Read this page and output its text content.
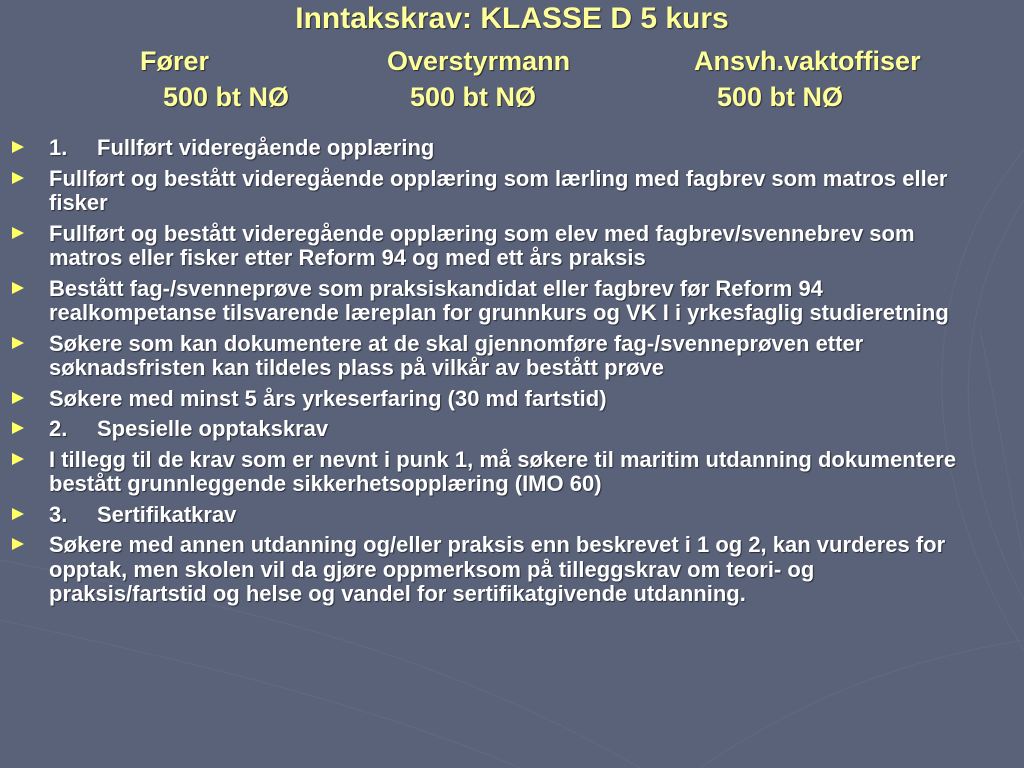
Inntakskrav: KLASSE D 5 kurs
Fører	Overstyrmann	Ansvh.vaktoffiser
500 bt NØ	500 bt NØ	500 bt NØ
1. Fullført videregående opplæring
Fullført og bestått videregående opplæring som lærling med fagbrev som matros eller fisker
Fullført og bestått videregående opplæring som elev med fagbrev/svennebrev som matros eller fisker etter Reform 94 og med ett års praksis
Bestått fag-/svenneprøve som praksiskandidat eller fagbrev før Reform 94 realkompetanse tilsvarende læreplan for grunnkurs og VK I i yrkesfaglig studieretning
Søkere som kan dokumentere at de skal gjennomføre fag-/svenneprøven etter søknadsfristen kan tildeles plass på vilkår av bestått prøve
Søkere med minst 5 års yrkeserfaring (30 md fartstid)
2. Spesielle opptakskrav
I tillegg til de krav som er nevnt i punk 1, må søkere til maritim utdanning dokumentere bestått grunnleggende sikkerhetsopplæring (IMO 60)
3. Sertifikatkrav
Søkere med annen utdanning og/eller praksis enn beskrevet i 1 og 2, kan vurderes for opptak, men skolen vil da gjøre oppmerksom på tilleggskrav om teori- og praksis/fartstid og helse og vandel for sertifikatgivende utdanning.
